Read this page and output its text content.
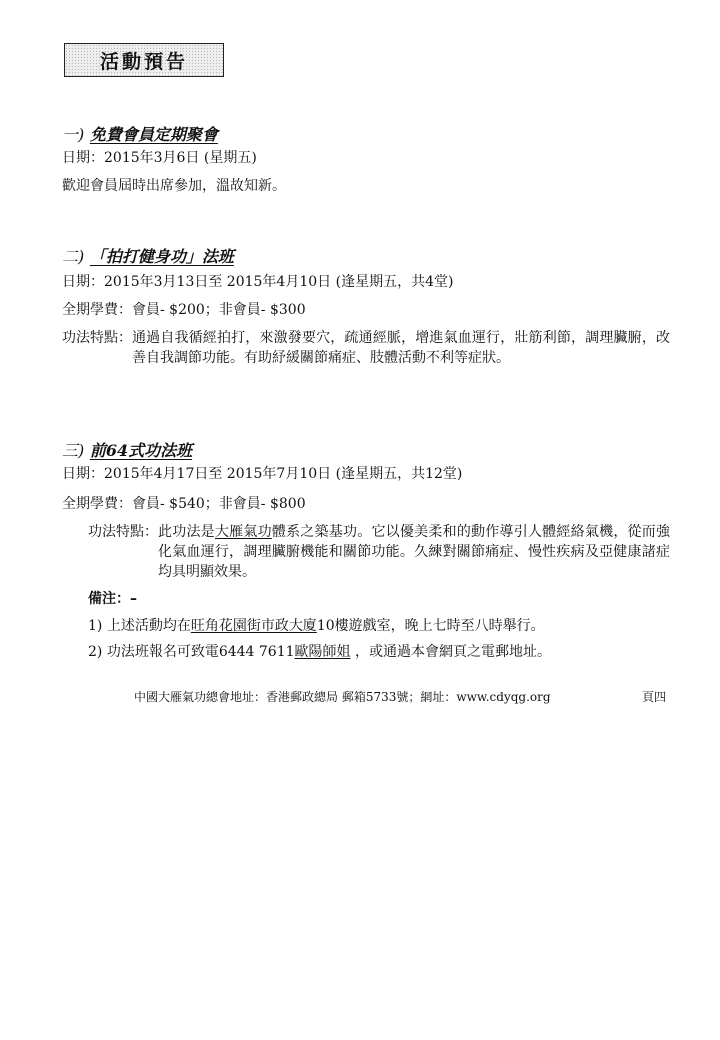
活動預告
一) 免費會員定期聚會
日期：2015年3月6日 (星期五)
歡迎會員屆時出席參加，溫故知新。
二) 「拍打健身功」法班
日期：2015年3月13日至 2015年4月10日 (逢星期五，共4堂)
全期學費：會員- $200；非會員- $300
功法特點： 通過自我循經拍打，來激發要穴，疏通經脈，增進氣血運行，壯筋利節，調理臟腑，改善自我調節功能。有助紓緩關節痛症、肢體活動不利等症狀。
三) 前64式功法班
日期：2015年4月17日至 2015年7月10日 (逢星期五，共12堂)
全期學費：會員- $540；非會員- $800
功法特點： 此功法是大雁氣功體系之築基功。它以優美柔和的動作導引人體經絡氣機，從而強化氣血運行，調理臟腑機能和關節功能。久練對關節痛症、慢性疾病及亞健康諸症均具明顯效果。
備注：–
1) 上述活動均在旺角花園街市政大廈10樓遊戲室，晚上七時至八時舉行。
2) 功法班報名可致電6444 7611歐陽師姐 ，或通過本會網頁之電郵地址。
中國大雁氣功總會地址：香港郵政總局 郵箱5733號；網址：www.cdyqg.org	頁四
